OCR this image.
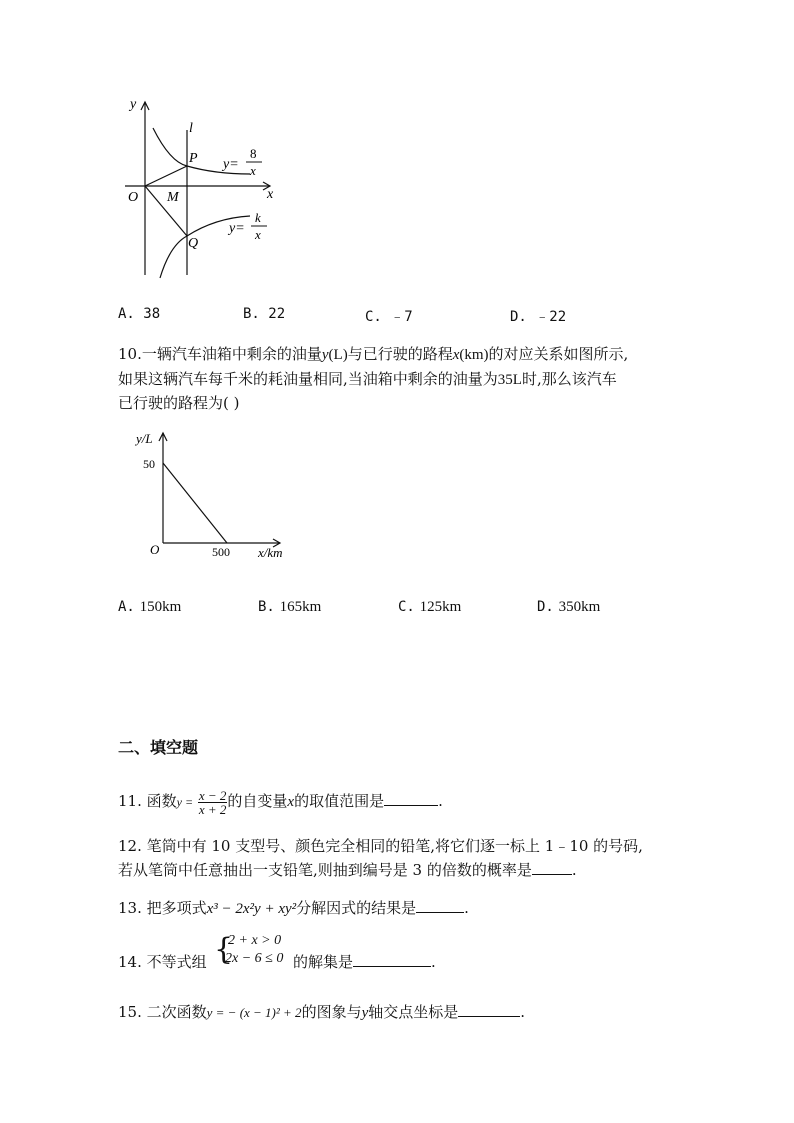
y
l
x
O
P
M
Q
y=
8
x
y=
k
x
A. 38	B. 22	C. ﹣7	D. ﹣22
10.一辆汽车油箱中剩余的油量y(L)与已行驶的路程x(km)的对应关系如图所示,
如果这辆汽车每千米的耗油量相同,当油箱中剩余的油量为35L时,那么该汽车
已行驶的路程为( )
y/L
50
O	500 x/km
A. 150km	B. 165km	C. 125km	D. 350km
二、填空题
11. 函数$y = \frac{x - 2}{x + 2}$ 的自变量x的取值范围是	.
12. 笔筒中有 10 支型号、颜色完全相同的铅笔,将它们逐一标上 1﹣10 的号码,
若从笔筒中任意抽出一支铅笔,则抽到编号是 3 的倍数的概率是	.
13. 把多项式x³ − 2x²y + xy²分解因式的结果是	.
14. 不等式组 {
2 + x > 0
2x − 6 ≤ 0 的解集是	.
15. 二次函数y = − (x − 1)² + 2的图象与y轴交点坐标是	.
